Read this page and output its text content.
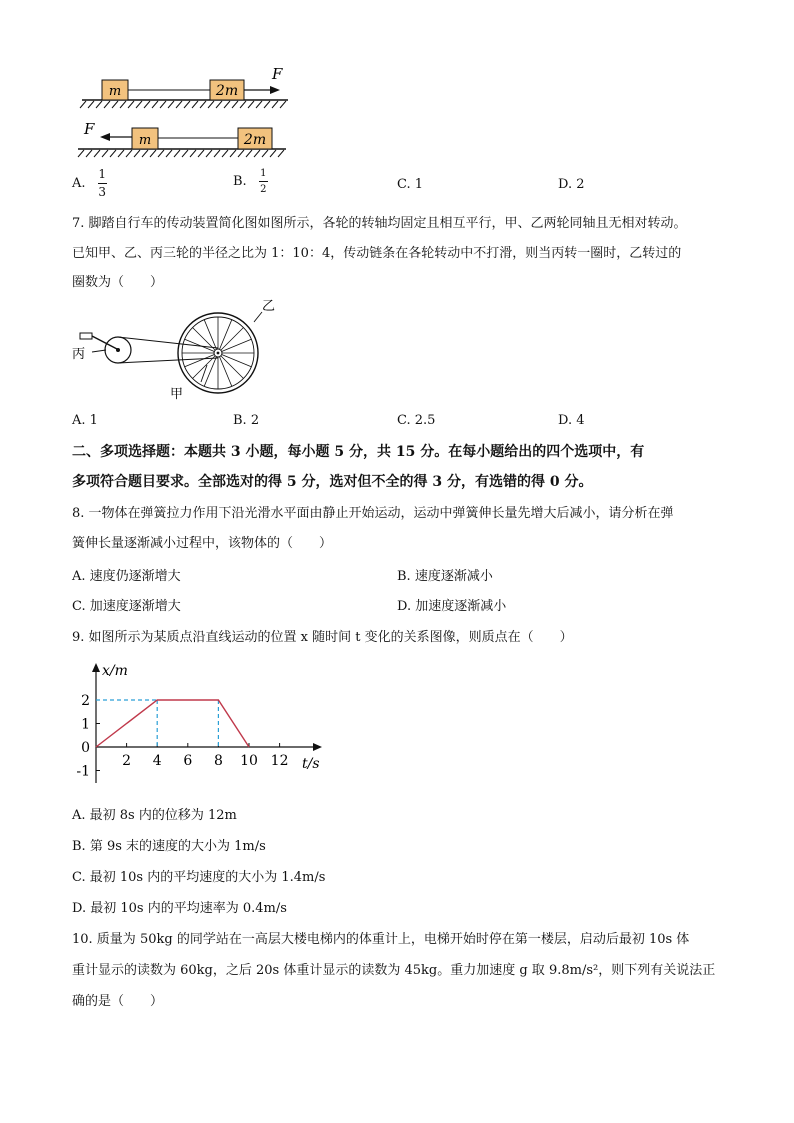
m	2m
F
F
m	2m
A. $\frac{1}{3}$	B. $\frac{1}{2}$	C. 1	D. 2
7. 脚踏自行车的传动装置简化图如图所示，各轮的转轴均固定且相互平行，甲、乙两轮同轴且无相对转动。
已知甲、乙、丙三轮的半径之比为 1：10：4，传动链条在各轮转动中不打滑，则当丙转一圈时，乙转过的
圈数为（　　）
乙
丙
甲
A. 1	B. 2	C. 2.5	D. 4
二、多项选择题：本题共 3 小题，每小题 5 分，共 15 分。在每小题给出的四个选项中，有
多项符合题目要求。全部选对的得 5 分，选对但不全的得 3 分，有选错的得 0 分。
8. 一物体在弹簧拉力作用下沿光滑水平面由静止开始运动，运动中弹簧伸长量先增大后减小，请分析在弹
簧伸长量逐渐减小过程中，该物体的（　　）
A. 速度仍逐渐增大	B. 速度逐渐减小
C. 加速度逐渐增大	D. 加速度逐渐减小
9. 如图所示为某质点沿直线运动的位置 x 随时间 t 变化的关系图像，则质点在（　　）
x/m
t/s
2 4 6 8 10 12
2
1
0
-1
A. 最初 8s 内的位移为 12m
B. 第 9s 末的速度的大小为 1m/s
C. 最初 10s 内的平均速度的大小为 1.4m/s
D. 最初 10s 内的平均速率为 0.4m/s
10. 质量为 50kg 的同学站在一高层大楼电梯内的体重计上，电梯开始时停在第一楼层，启动后最初 10s 体
重计显示的读数为 60kg，之后 20s 体重计显示的读数为 45kg。重力加速度 g 取 9.8m/s²，则下列有关说法正
确的是（　　）
